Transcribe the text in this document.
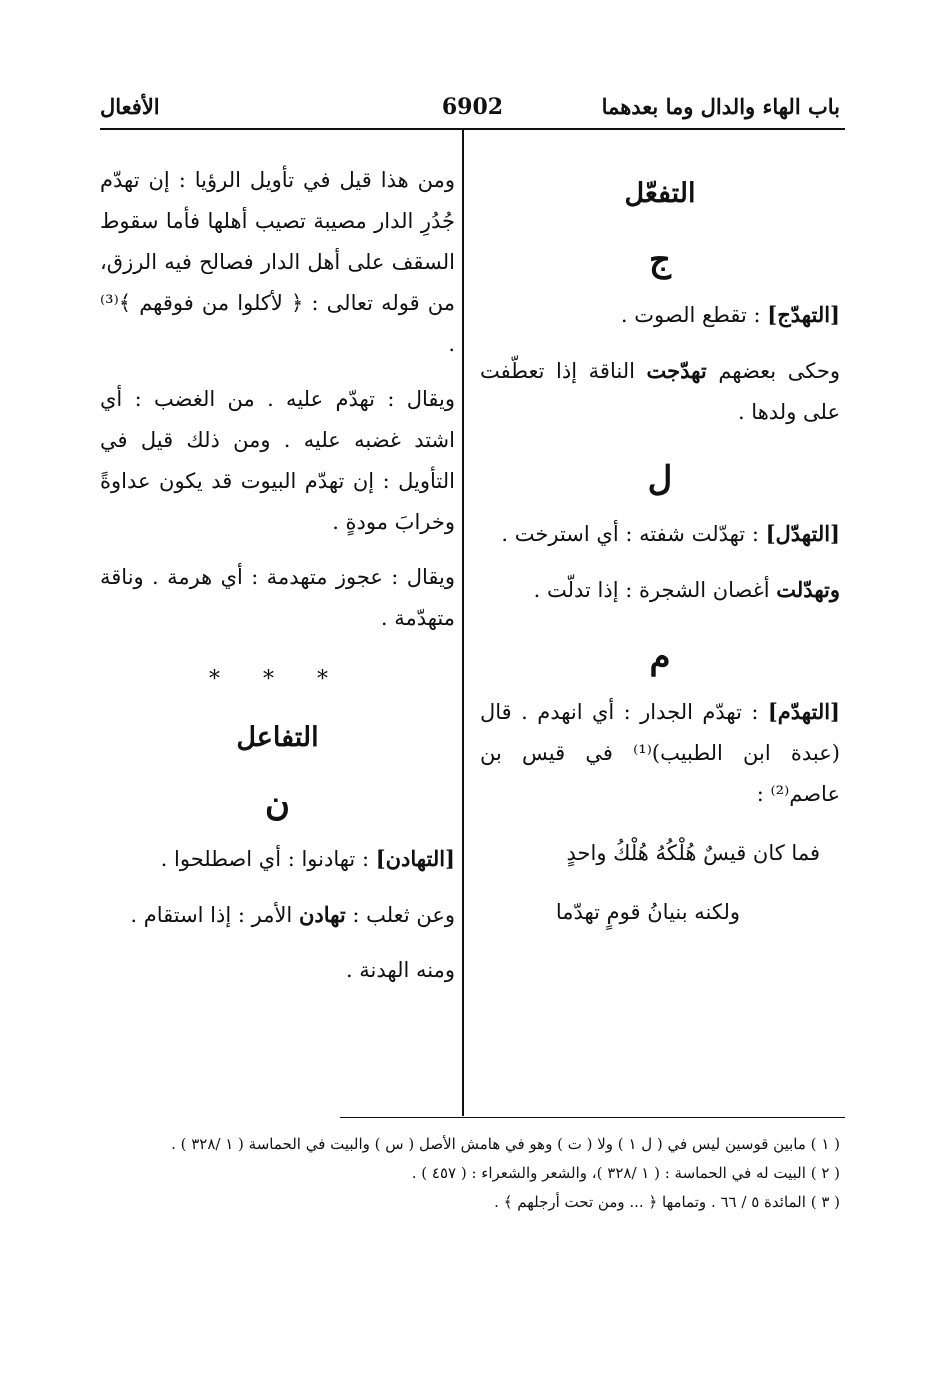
6902	باب الهاء والدال وما بعدهما
الأفعال
التفعّل
ج

[التهدّج] : تقطع الصوت .

وحكى بعضهم تهدّجت الناقة إذا تعطّفت على ولدها .

ل

[التهدّل] : تهدّلت شفته : أي استرخت .

وتهدّلت أغصان الشجرة : إذا تدلّت .

م

[التهدّم] : تهدّم الجدار : أي انهدم . قال (عبدة ابن الطبيب)⁽¹⁾ في قيس بن عاصم⁽²⁾ :

فما كان قيسٌ هُلْكُهُ هُلْكُ واحدٍ
ولكنه بنيانُ قومٍ تهدّما

ومن هذا قيل في تأويل الرؤيا : إن تهدّم جُدُرِ الدار مصيبة تصيب أهلها فأما سقوط السقف على أهل الدار فصالح فيه الرزق، من قوله تعالى : ﴿ لأكلوا من فوقهم ﴾⁽³⁾ .

ويقال : تهدّم عليه . من الغضب : أي اشتد غضبه عليه . ومن ذلك قيل في التأويل : إن تهدّم البيوت قد يكون عداوةً وخرابَ مودةٍ .

ويقال : عجوز متهدمة : أي هرمة . وناقة متهدّمة .

* * *
التفاعل
ن

[التهادن] : تهادنوا : أي اصطلحوا .

وعن ثعلب : تهادن الأمر : إذا استقام .

ومنه الهدنة .

( ١ ) مابين قوسين ليس في ( ل ١ ) ولا ( ت ) وهو في هامش الأصل ( س ) والبيت في الحماسة ( ١ /٣٢٨ ) .
( ٢ ) البيت له في الحماسة : ( ١ /٣٢٨ )، والشعر والشعراء : ( ٤٥٧ ) .
( ٣ ) المائدة ٥ / ٦٦ . وتمامها ﴿ ... ومن تحت أرجلهم ﴾ .
